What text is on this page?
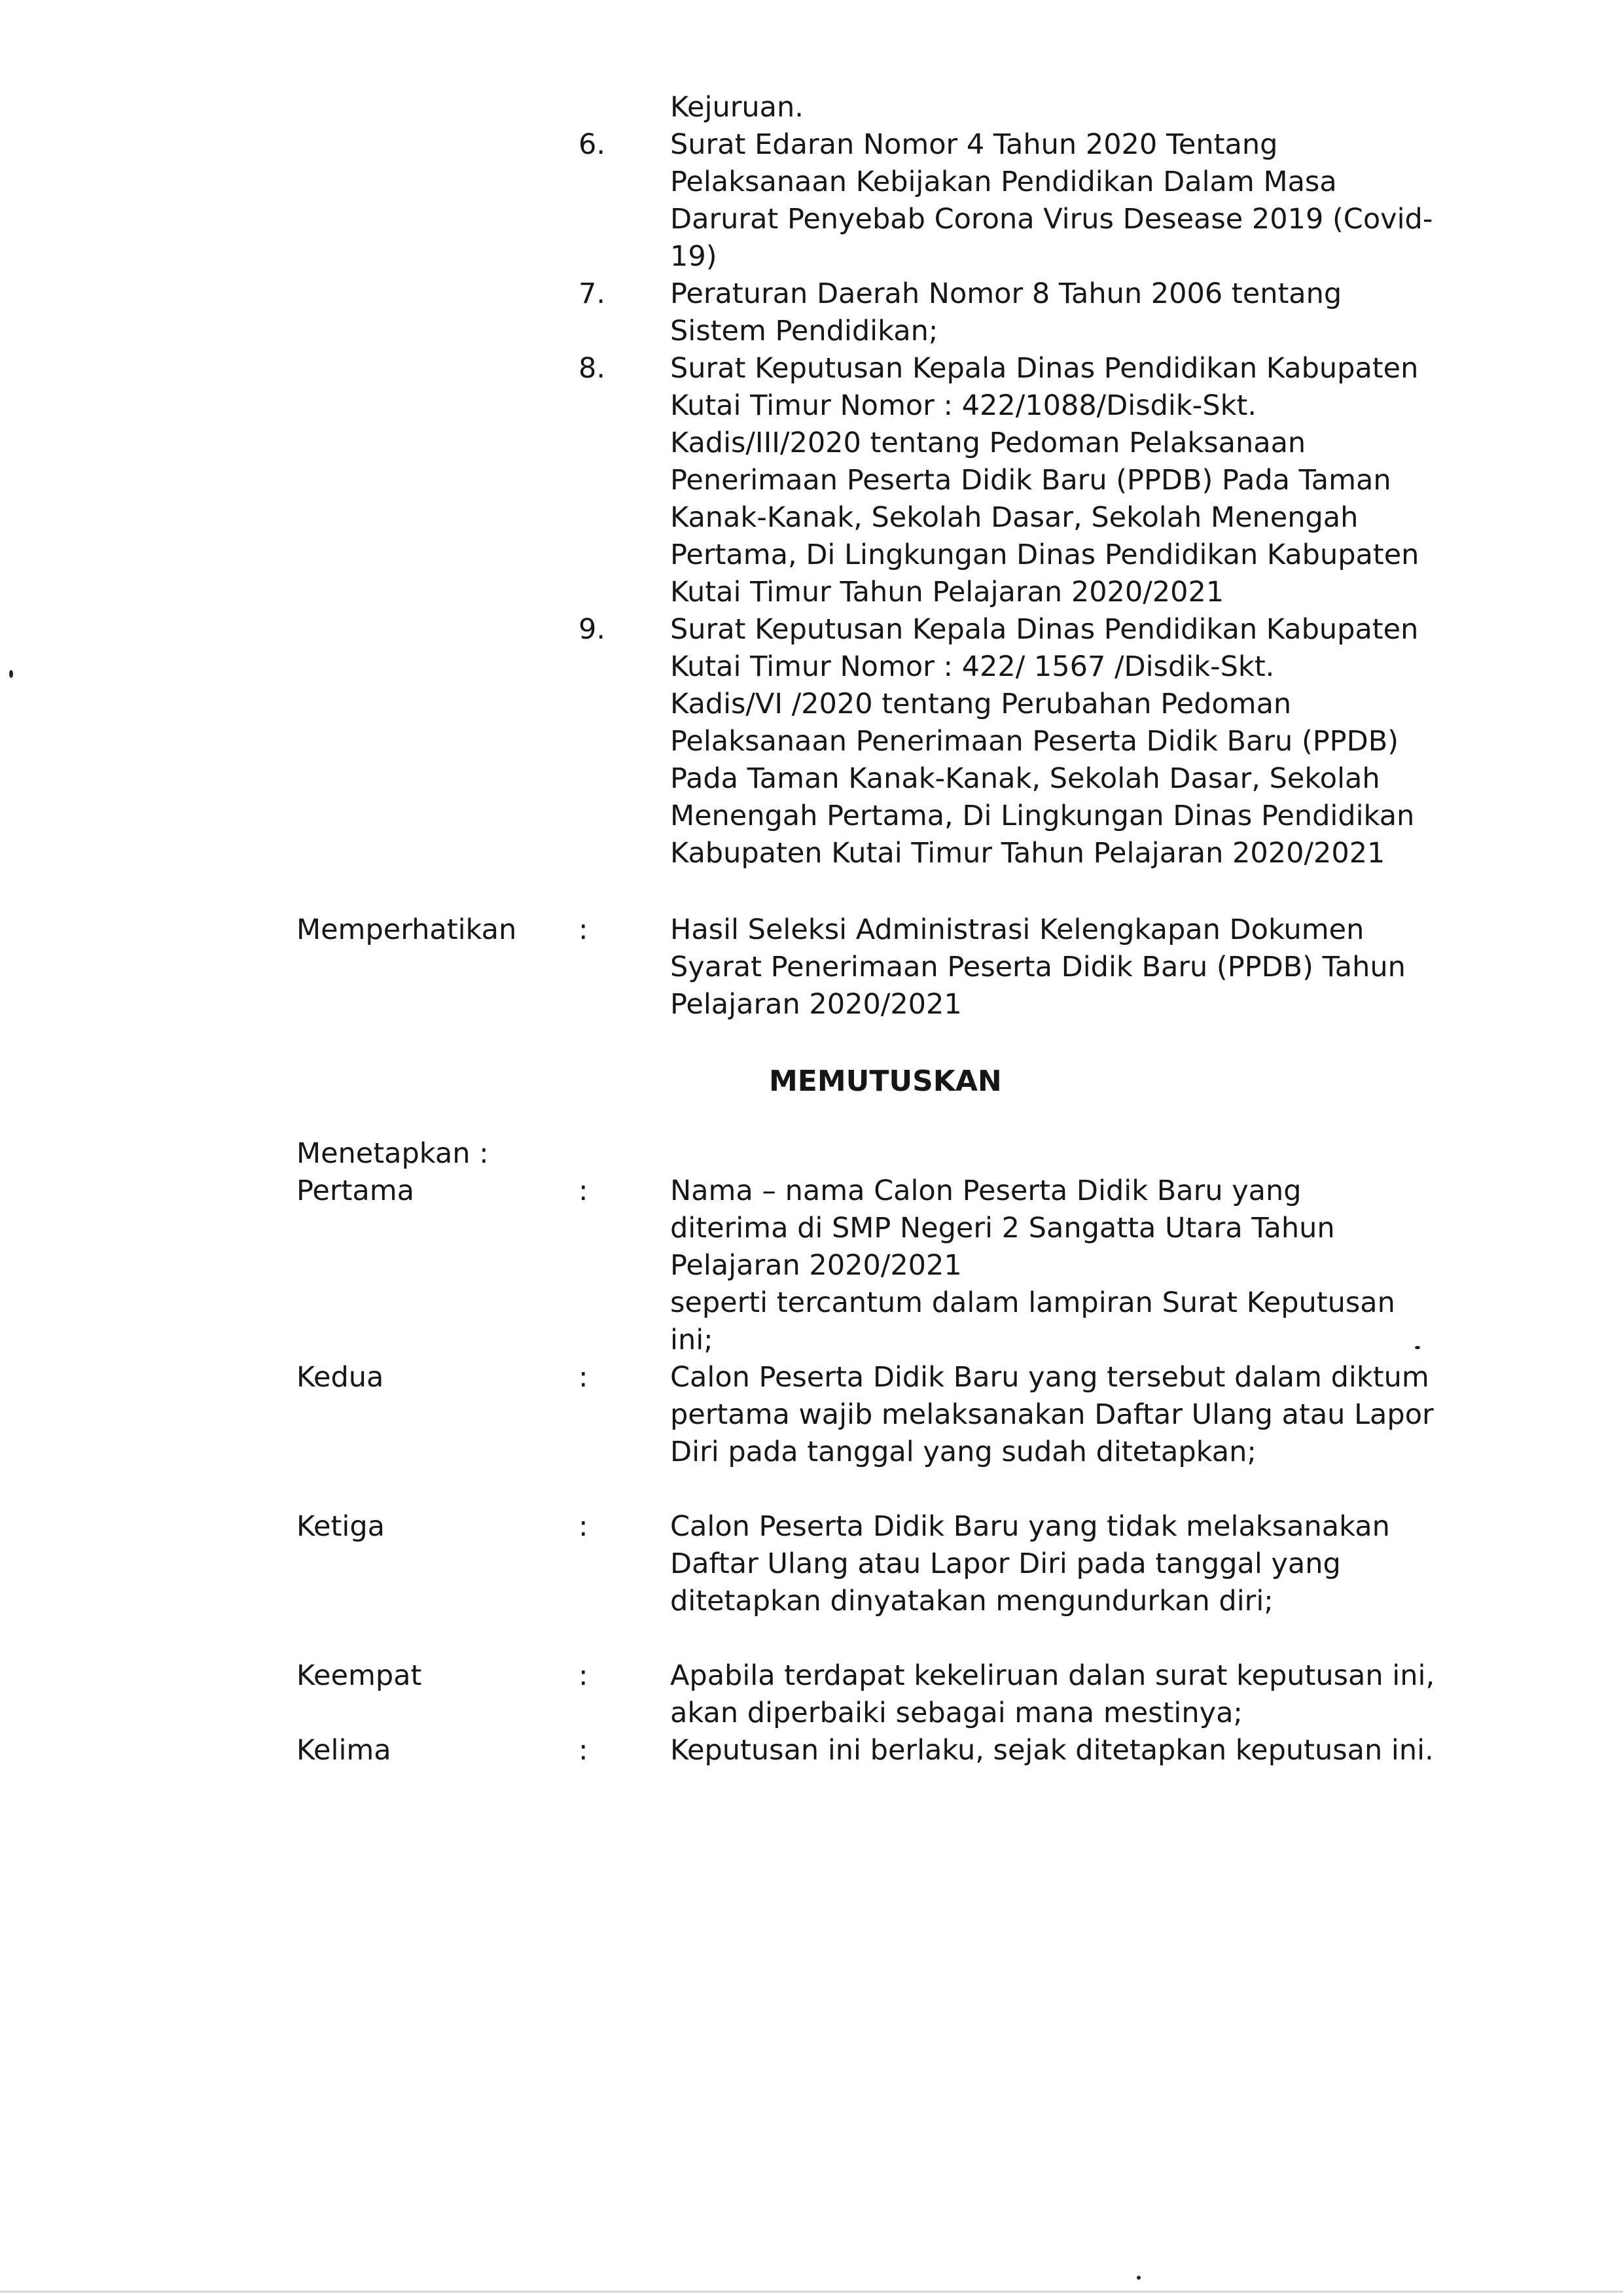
Kejuruan.
6. Surat Edaran Nomor 4 Tahun 2020 Tentang
Pelaksanaan Kebijakan Pendidikan Dalam Masa
Darurat Penyebab Corona Virus Desease 2019 (Covid-
19)
7. Peraturan Daerah Nomor 8 Tahun 2006 tentang
Sistem Pendidikan;
8. Surat Keputusan Kepala Dinas Pendidikan Kabupaten
Kutai Timur Nomor : 422/1088/Disdik-Skt.
Kadis/III/2020 tentang Pedoman Pelaksanaan
Penerimaan Peserta Didik Baru (PPDB) Pada Taman
Kanak-Kanak, Sekolah Dasar, Sekolah Menengah
Pertama, Di Lingkungan Dinas Pendidikan Kabupaten
Kutai Timur Tahun Pelajaran 2020/2021
9. Surat Keputusan Kepala Dinas Pendidikan Kabupaten
Kutai Timur Nomor : 422/ 1567 /Disdik-Skt.
Kadis/VI /2020 tentang Perubahan Pedoman
Pelaksanaan Penerimaan Peserta Didik Baru (PPDB)
Pada Taman Kanak-Kanak, Sekolah Dasar, Sekolah
Menengah Pertama, Di Lingkungan Dinas Pendidikan
Kabupaten Kutai Timur Tahun Pelajaran 2020/2021
Memperhatikan :	Hasil Seleksi Administrasi Kelengkapan Dokumen
Syarat Penerimaan Peserta Didik Baru (PPDB) Tahun
Pelajaran 2020/2021
MEMUTUSKAN
Menetapkan :
Pertama	:	Nama – nama Calon Peserta Didik Baru yang
diterima di SMP Negeri 2 Sangatta Utara Tahun
Pelajaran 2020/2021
seperti tercantum dalam lampiran Surat Keputusan
ini;
Kedua	:	Calon Peserta Didik Baru yang tersebut dalam diktum
pertama wajib melaksanakan Daftar Ulang atau Lapor
Diri pada tanggal yang sudah ditetapkan;
Ketiga	:	Calon Peserta Didik Baru yang tidak melaksanakan
Daftar Ulang atau Lapor Diri pada tanggal yang
ditetapkan dinyatakan mengundurkan diri;
Keempat	:	Apabila terdapat kekeliruan dalan surat keputusan ini,
akan diperbaiki sebagai mana mestinya;
Kelima	:	Keputusan ini berlaku, sejak ditetapkan keputusan ini.
